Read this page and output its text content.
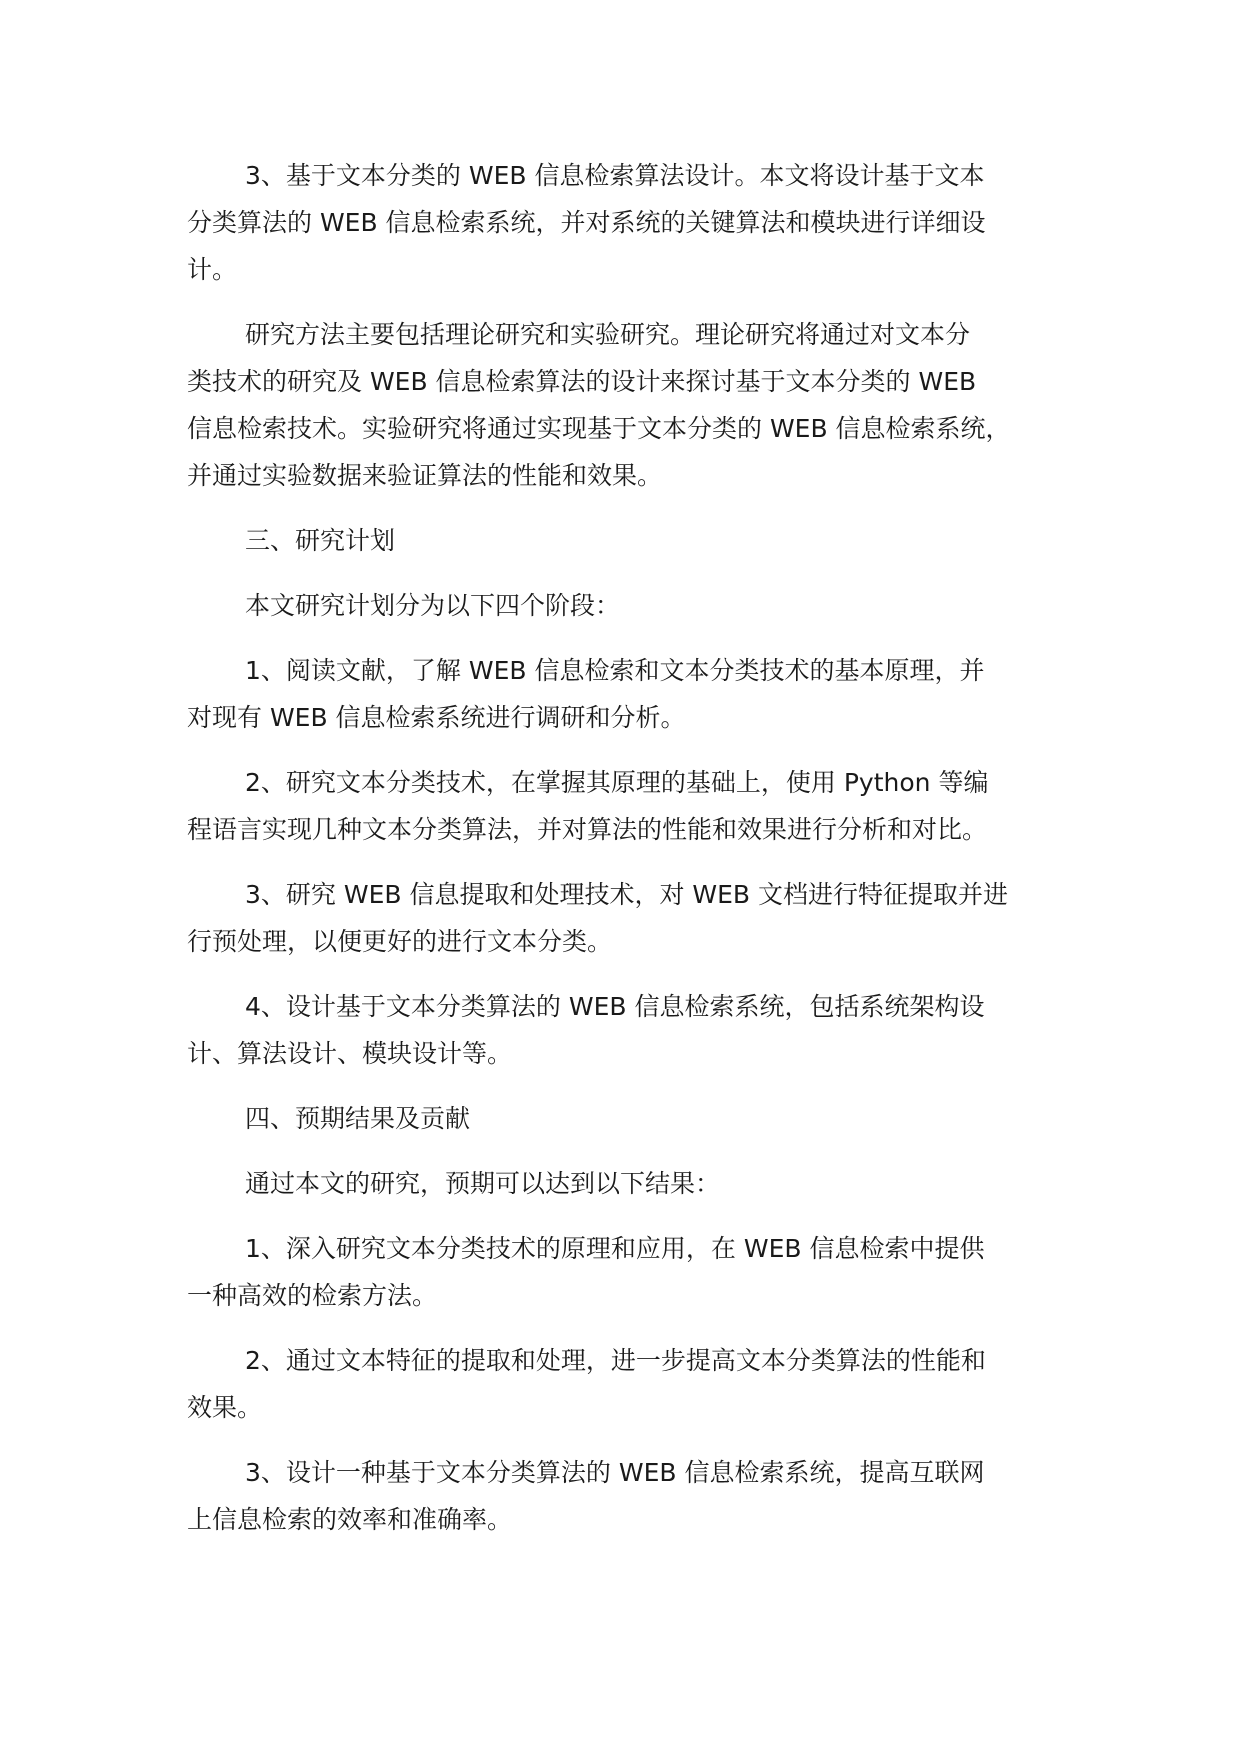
3、基于文本分类的 WEB 信息检索算法设计。本文将设计基于文本
分类算法的 WEB 信息检索系统，并对系统的关键算法和模块进行详细设
计。

研究方法主要包括理论研究和实验研究。理论研究将通过对文本分
类技术的研究及 WEB 信息检索算法的设计来探讨基于文本分类的 WEB
信息检索技术。实验研究将通过实现基于文本分类的 WEB 信息检索系统，
并通过实验数据来验证算法的性能和效果。

三、研究计划

本文研究计划分为以下四个阶段：

1、阅读文献，了解 WEB 信息检索和文本分类技术的基本原理，并
对现有 WEB 信息检索系统进行调研和分析。

2、研究文本分类技术，在掌握其原理的基础上，使用 Python 等编
程语言实现几种文本分类算法，并对算法的性能和效果进行分析和对比。

3、研究 WEB 信息提取和处理技术，对 WEB 文档进行特征提取并进
行预处理，以便更好的进行文本分类。

4、设计基于文本分类算法的 WEB 信息检索系统，包括系统架构设
计、算法设计、模块设计等。

四、预期结果及贡献

通过本文的研究，预期可以达到以下结果：

1、深入研究文本分类技术的原理和应用，在 WEB 信息检索中提供
一种高效的检索方法。

2、通过文本特征的提取和处理，进一步提高文本分类算法的性能和
效果。

3、设计一种基于文本分类算法的 WEB 信息检索系统，提高互联网
上信息检索的效率和准确率。
